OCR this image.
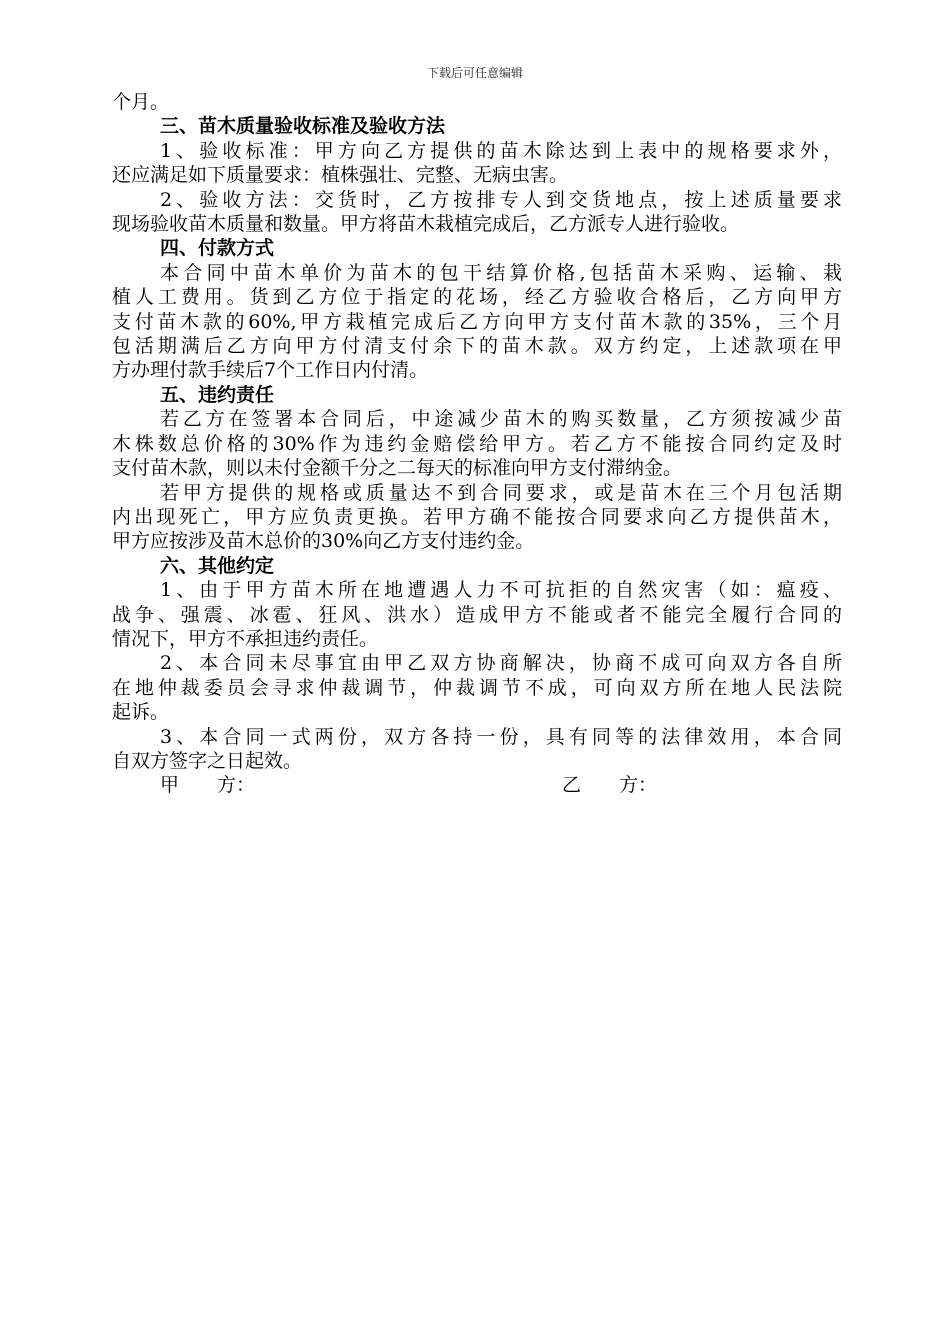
下载后可任意编辑
个月。
三、苗木质量验收标准及验收方法
1、验收标准：甲方向乙方提供的苗木除达到上表中的规格要求外，
还应满足如下质量要求：植株强壮、完整、无病虫害。
2、验收方法：交货时，乙方按排专人到交货地点，按上述质量要求
现场验收苗木质量和数量。甲方将苗木栽植完成后，乙方派专人进行验收。
四、付款方式
本合同中苗木单价为苗木的包干结算价格,包括苗木采购、运输、栽
植人工费用。货到乙方位于指定的花场，经乙方验收合格后，乙方向甲方
支付苗木款的60%,甲方栽植完成后乙方向甲方支付苗木款的35%，三个月
包活期满后乙方向甲方付清支付余下的苗木款。双方约定，上述款项在甲
方办理付款手续后7个工作日内付清。
五、违约责任
若乙方在签署本合同后，中途减少苗木的购买数量，乙方须按减少苗
木株数总价格的30%作为违约金赔偿给甲方。若乙方不能按合同约定及时
支付苗木款，则以未付金额千分之二每天的标准向甲方支付滞纳金。
若甲方提供的规格或质量达不到合同要求，或是苗木在三个月包活期
内出现死亡，甲方应负责更换。若甲方确不能按合同要求向乙方提供苗木，
甲方应按涉及苗木总价的30%向乙方支付违约金。
六、其他约定
1、由于甲方苗木所在地遭遇人力不可抗拒的自然灾害（如：瘟疫、
战争、强震、冰雹、狂风、洪水）造成甲方不能或者不能完全履行合同的
情况下，甲方不承担违约责任。
2、本合同未尽事宜由甲乙双方协商解决，协商不成可向双方各自所
在地仲裁委员会寻求仲裁调节，仲裁调节不成，可向双方所在地人民法院
起诉。
3、本合同一式两份，双方各持一份，具有同等的法律效用，本合同
自双方签字之日起效。
甲　　方：	乙　　方：
